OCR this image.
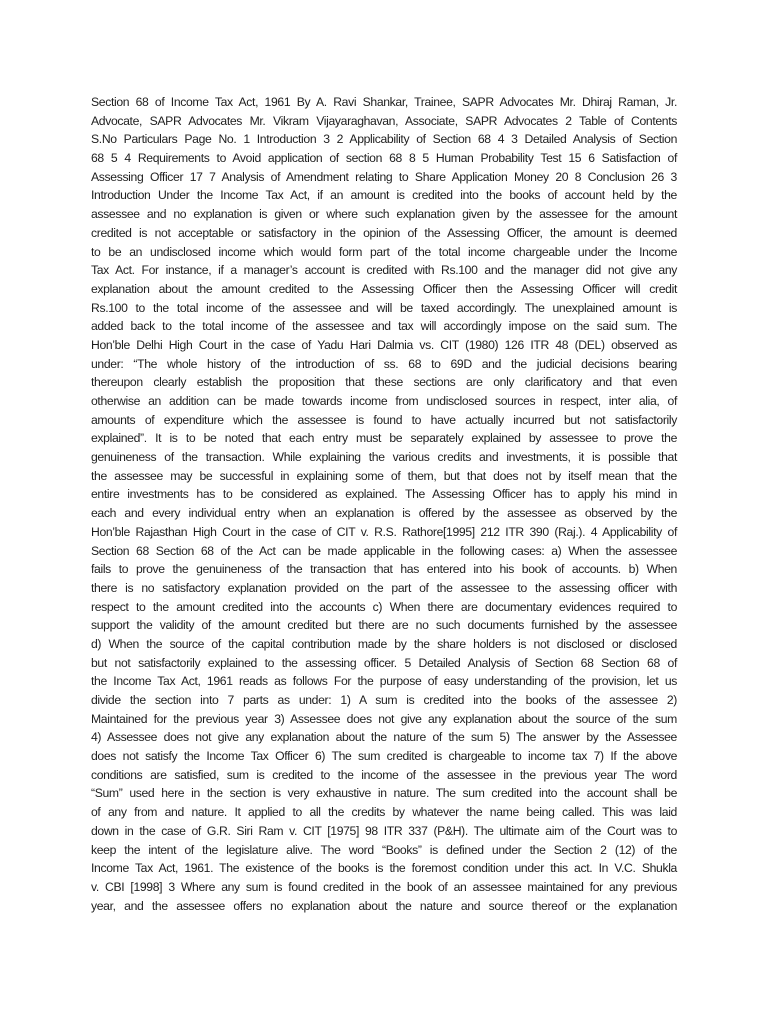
Section 68 of Income Tax Act, 1961 By A. Ravi Shankar, Trainee, SAPR Advocates Mr. Dhiraj Raman, Jr.
Advocate, SAPR Advocates Mr. Vikram Vijayaraghavan, Associate, SAPR Advocates 2 Table of Contents
S.No Particulars Page No. 1 Introduction 3 2 Applicability of Section 68 4 3 Detailed Analysis of Section
68 5 4 Requirements to Avoid application of section 68 8 5 Human Probability Test 15 6 Satisfaction of
Assessing Officer 17 7 Analysis of Amendment relating to Share Application Money 20 8 Conclusion 26 3
Introduction Under the Income Tax Act, if an amount is credited into the books of account held by the
assessee and no explanation is given or where such explanation given by the assessee for the amount
credited is not acceptable or satisfactory in the opinion of the Assessing Officer, the amount is deemed
to be an undisclosed income which would form part of the total income chargeable under the Income
Tax Act. For instance, if a manager’s account is credited with Rs.100 and the manager did not give any
explanation about the amount credited to the Assessing Officer then the Assessing Officer will credit
Rs.100 to the total income of the assessee and will be taxed accordingly. The unexplained amount is
added back to the total income of the assessee and tax will accordingly impose on the said sum. The
Hon’ble Delhi High Court in the case of Yadu Hari Dalmia vs. CIT (1980) 126 ITR 48 (DEL) observed as
under: “The whole history of the introduction of ss. 68 to 69D and the judicial decisions bearing
thereupon clearly establish the proposition that these sections are only clarificatory and that even
otherwise an addition can be made towards income from undisclosed sources in respect, inter alia, of
amounts of expenditure which the assessee is found to have actually incurred but not satisfactorily
explained”. It is to be noted that each entry must be separately explained by assessee to prove the
genuineness of the transaction. While explaining the various credits and investments, it is possible that
the assessee may be successful in explaining some of them, but that does not by itself mean that the
entire investments has to be considered as explained. The Assessing Officer has to apply his mind in
each and every individual entry when an explanation is offered by the assessee as observed by the
Hon’ble Rajasthan High Court in the case of CIT v. R.S. Rathore[1995] 212 ITR 390 (Raj.). 4 Applicability of
Section 68 Section 68 of the Act can be made applicable in the following cases: a) When the assessee
fails to prove the genuineness of the transaction that has entered into his book of accounts. b) When
there is no satisfactory explanation provided on the part of the assessee to the assessing officer with
respect to the amount credited into the accounts c) When there are documentary evidences required to
support the validity of the amount credited but there are no such documents furnished by the assessee
d) When the source of the capital contribution made by the share holders is not disclosed or disclosed
but not satisfactorily explained to the assessing officer. 5 Detailed Analysis of Section 68 Section 68 of
the Income Tax Act, 1961 reads as follows For the purpose of easy understanding of the provision, let us
divide the section into 7 parts as under: 1) A sum is credited into the books of the assessee 2)
Maintained for the previous year 3) Assessee does not give any explanation about the source of the sum
4) Assessee does not give any explanation about the nature of the sum 5) The answer by the Assessee
does not satisfy the Income Tax Officer 6) The sum credited is chargeable to income tax 7) If the above
conditions are satisfied, sum is credited to the income of the assessee in the previous year The word
“Sum” used here in the section is very exhaustive in nature. The sum credited into the account shall be
of any from and nature. It applied to all the credits by whatever the name being called. This was laid
down in the case of G.R. Siri Ram v. CIT [1975] 98 ITR 337 (P&H). The ultimate aim of the Court was to
keep the intent of the legislature alive. The word “Books” is defined under the Section 2 (12) of the
Income Tax Act, 1961. The existence of the books is the foremost condition under this act. In V.C. Shukla
v. CBI [1998] 3 Where any sum is found credited in the book of an assessee maintained for any previous
year, and the assessee offers no explanation about the nature and source thereof or the explanation
